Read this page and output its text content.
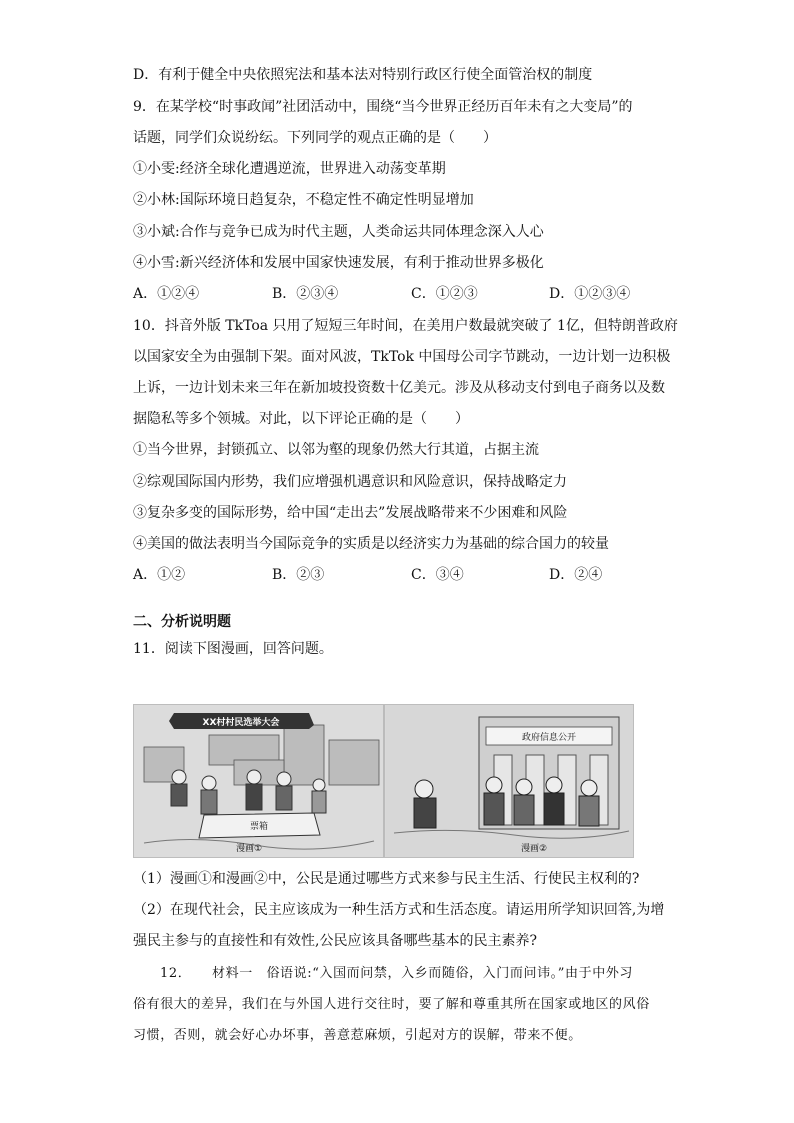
D．有利于健全中央依照宪法和基本法对特别行政区行使全面管治权的制度
9．在某学校“时事政闻”社团活动中，围绕“当今世界正经历百年未有之大变局”的
话题，同学们众说纷纭。下列同学的观点正确的是（　　）
①小雯:经济全球化遭遇逆流，世界进入动荡变革期
②小林:国际环境日趋复杂，不稳定性不确定性明显增加
③小斌:合作与竞争已成为时代主题，人类命运共同体理念深入人心
④小雪:新兴经济体和发展中国家快速发展，有利于推动世界多极化
A．①②④	B．②③④	C．①②③	D．①②③④
10．抖音外版 TkToa 只用了短短三年时间，在美用户数最就突破了 1亿，但特朗普政府
以国家安全为由强制下架。面对风波，TkTok 中国母公司字节跳动，一边计划一边积极
上诉，一边计划未来三年在新加坡投资数十亿美元。涉及从移动支付到电子商务以及数
据隐私等多个领城。对此，以下评论正确的是（　　）
①当今世界，封锁孤立、以邻为壑的现象仍然大行其道，占据主流
②综观国际国内形势，我们应增强机遇意识和风险意识，保持战略定力
③复杂多变的国际形势，给中国“走出去”发展战略带来不少困难和风险
④美国的做法表明当今国际竞争的实质是以经济实力为基础的综合国力的较量
A．①②	B．②③	C．③④	D．②④
二、分析说明题
11．阅读下图漫画，回答问题。
XX村村民选举大会
票箱
漫画①
政府信息公开
漫画②
（1）漫画①和漫画②中，公民是通过哪些方式来参与民主生活、行使民主权利的?
（2）在现代社会，民主应该成为一种生活方式和生活态度。请运用所学知识回答,为增
强民主参与的直接性和有效性,公民应该具备哪些基本的民主素养?
12．　　材料一　俗语说:“入国而问禁，入乡而随俗，入门而问讳。”由于中外习
俗有很大的差异，我们在与外国人进行交往时，要了解和尊重其所在国家或地区的风俗
习惯，否则，就会好心办坏事，善意惹麻烦，引起对方的误解，带来不便。
